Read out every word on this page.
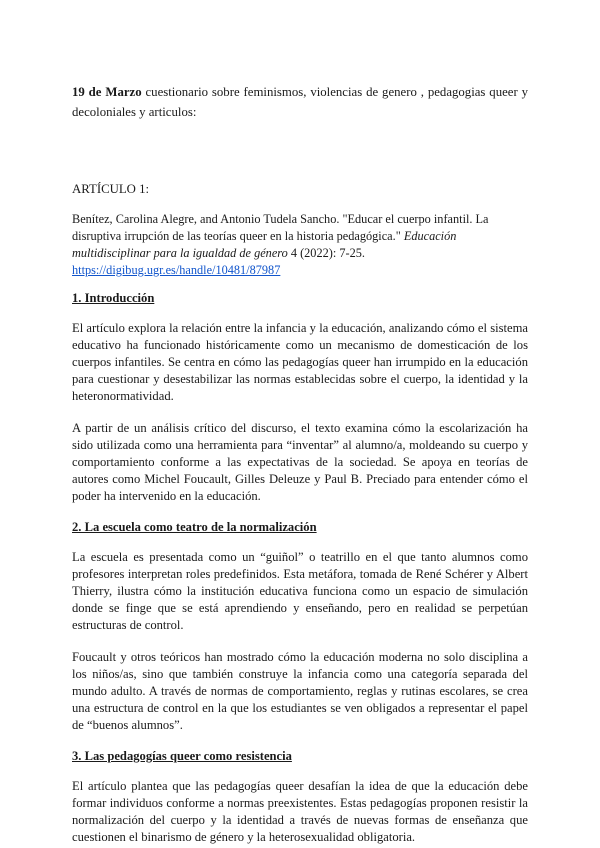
19 de Marzo cuestionario sobre feminismos, violencias de genero , pedagogias queer y decoloniales y articulos:

ARTÍCULO 1:

Benítez, Carolina Alegre, and Antonio Tudela Sancho. "Educar el cuerpo infantil. La disruptiva irrupción de las teorías queer en la historia pedagógica." Educación multidisciplinar para la igualdad de género 4 (2022): 7-25.
https://digibug.ugr.es/handle/10481/87987

1. Introducción

El artículo explora la relación entre la infancia y la educación, analizando cómo el sistema educativo ha funcionado históricamente como un mecanismo de domesticación de los cuerpos infantiles. Se centra en cómo las pedagogías queer han irrumpido en la educación para cuestionar y desestabilizar las normas establecidas sobre el cuerpo, la identidad y la heteronormatividad.

A partir de un análisis crítico del discurso, el texto examina cómo la escolarización ha sido utilizada como una herramienta para “inventar” al alumno/a, moldeando su cuerpo y comportamiento conforme a las expectativas de la sociedad. Se apoya en teorías de autores como Michel Foucault, Gilles Deleuze y Paul B. Preciado para entender cómo el poder ha intervenido en la educación.

2. La escuela como teatro de la normalización

La escuela es presentada como un “guiñol” o teatrillo en el que tanto alumnos como profesores interpretan roles predefinidos. Esta metáfora, tomada de René Schérer y Albert Thierry, ilustra cómo la institución educativa funciona como un espacio de simulación donde se finge que se está aprendiendo y enseñando, pero en realidad se perpetúan estructuras de control.

Foucault y otros teóricos han mostrado cómo la educación moderna no solo disciplina a los niños/as, sino que también construye la infancia como una categoría separada del mundo adulto. A través de normas de comportamiento, reglas y rutinas escolares, se crea una estructura de control en la que los estudiantes se ven obligados a representar el papel de “buenos alumnos”.

3. Las pedagogías queer como resistencia

El artículo plantea que las pedagogías queer desafían la idea de que la educación debe formar individuos conforme a normas preexistentes. Estas pedagogías proponen resistir la normalización del cuerpo y la identidad a través de nuevas formas de enseñanza que cuestionen el binarismo de género y la heterosexualidad obligatoria.
